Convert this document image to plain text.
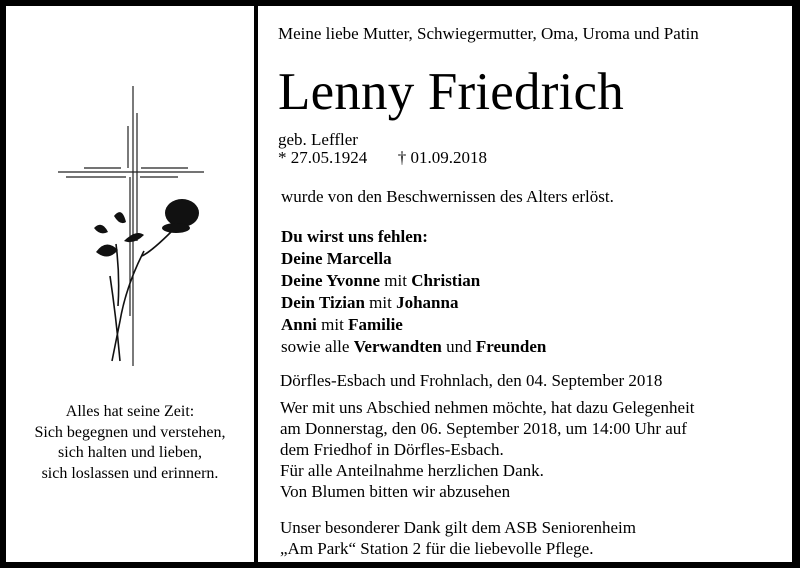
Alles hat seine Zeit:
Sich begegnen und verstehen,
sich halten und lieben,
sich loslassen und erinnern.
Meine liebe Mutter, Schwiegermutter, Oma, Uroma und Patin
Lenny Friedrich
geb. Leffler
* 27.05.1924 † 01.09.2018
wurde von den Beschwernissen des Alters erlöst.
Du wirst uns fehlen:
Deine Marcella
Deine Yvonne mit Christian
Dein Tizian mit Johanna
Anni mit Familie
sowie alle Verwandten und Freunden
Dörfles-Esbach und Frohnlach, den 04. September 2018
Wer mit uns Abschied nehmen möchte, hat dazu Gelegenheit
am Donnerstag, den 06. September 2018, um 14:00 Uhr auf
dem Friedhof in Dörfles-Esbach.
Für alle Anteilnahme herzlichen Dank.
Von Blumen bitten wir abzusehen
Unser besonderer Dank gilt dem ASB Seniorenheim
„Am Park“ Station 2 für die liebevolle Pflege.
